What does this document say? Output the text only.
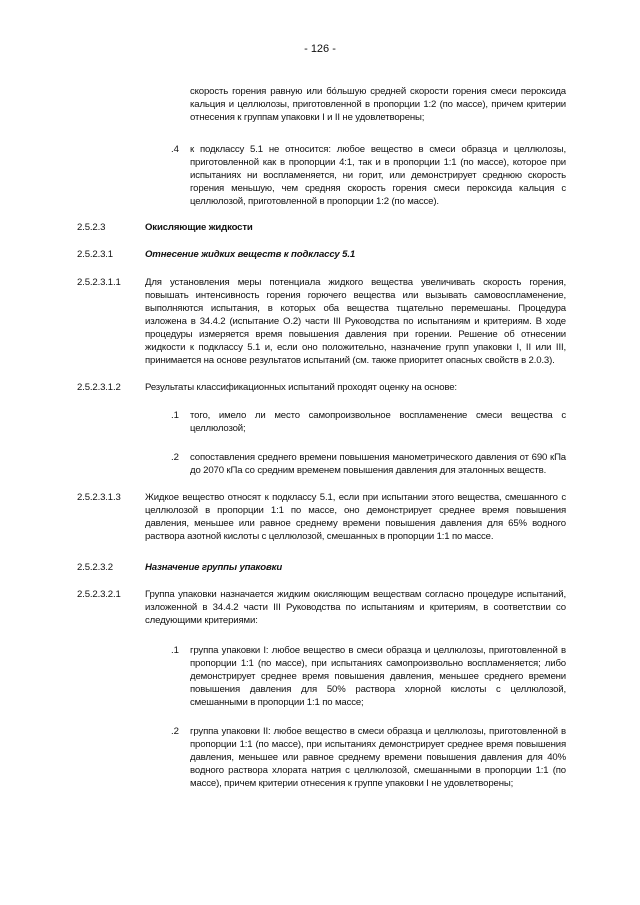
- 126 -

скорость горения равную или бо́льшую средней скорости горения смеси пероксида кальция и целлюлозы, приготовленной в пропорции 1:2 (по массе), причем критерии отнесения к группам упаковки I и II не удовлетворены;

.4 к подклассу 5.1 не относится: любое вещество в смеси образца и целлюлозы, приготовленной как в пропорции 4:1, так и в пропорции 1:1 (по массе), которое при испытаниях ни воспламеняется, ни горит, или демонстрирует среднюю скорость горения меньшую, чем средняя скорость горения смеси пероксида кальция с целлюлозой, приготовленной в пропорции 1:2 (по массе).

2.5.2.3	Окисляющие жидкости
2.5.2.3.1	Отнесение жидких веществ к подклассу 5.1
2.5.2.3.1.1	Для установления меры потенциала жидкого вещества увеличивать скорость горения, повышать интенсивность горения горючего вещества или вызывать самовоспламенение, выполняются испытания, в которых оба вещества тщательно перемешаны. Процедура изложена в 34.4.2 (испытание O.2) части III Руководства по испытаниям и критериям. В ходе процедуры измеряется время повышения давления при горении. Решение об отнесении жидкости к подклассу 5.1 и, если оно положительно, назначение групп упаковки I, II или III, принимается на основе результатов испытаний (см. также приоритет опасных свойств в 2.0.3).

2.5.2.3.1.2	Результаты классификационных испытаний проходят оценку на основе:

.1 того, имело ли место самопроизвольное воспламенение смеси вещества с целлюлозой;

.2 сопоставления среднего времени повышения манометрического давления от 690 кПа до 2070 кПа со средним временем повышения давления для эталонных веществ.

2.5.2.3.1.3	Жидкое вещество относят к подклассу 5.1, если при испытании этого вещества, смешанного с целлюлозой в пропорции 1:1 по массе, оно демонстрирует среднее время повышения давления, меньшее или равное среднему времени повышения давления для 65% водного раствора азотной кислоты с целлюлозой, смешанных в пропорции 1:1 по массе.

2.5.2.3.2	Назначение группы упаковки
2.5.2.3.2.1	Группа упаковки назначается жидким окисляющим веществам согласно процедуре испытаний, изложенной в 34.4.2 части III Руководства по испытаниям и критериям, в соответствии со следующими критериями:

.1 группа упаковки I: любое вещество в смеси образца и целлюлозы, приготовленной в пропорции 1:1 (по массе), при испытаниях самопроизвольно воспламеняется; либо демонстрирует среднее время повышения давления, меньшее среднего времени повышения давления для 50% раствора хлорной кислоты с целлюлозой, смешанными в пропорции 1:1 по массе;

.2 группа упаковки II: любое вещество в смеси образца и целлюлозы, приготовленной в пропорции 1:1 (по массе), при испытаниях демонстрирует среднее время повышения давления, меньшее или равное среднему времени повышения давления для 40% водного раствора хлората натрия с целлюлозой, смешанными в пропорции 1:1 (по массе), причем критерии отнесения к группе упаковки I не удовлетворены;
